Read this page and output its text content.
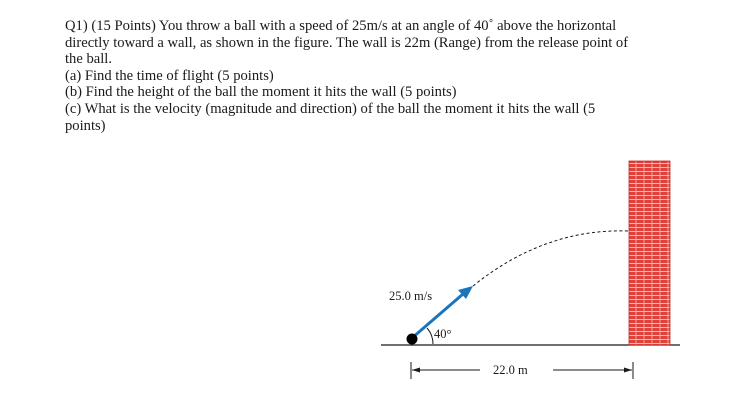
Q1) (15 Points) You throw a ball with a speed of 25m/s at an angle of 40˚ above the horizontal
directly toward a wall, as shown in the figure. The wall is 22m (Range) from the release point of
the ball.
(a) Find the time of flight (5 points)
(b) Find the height of the ball the moment it hits the wall (5 points)
(c) What is the velocity (magnitude and direction) of the ball the moment it hits the wall (5
points)
25.0 m/s
40°
22.0 m
